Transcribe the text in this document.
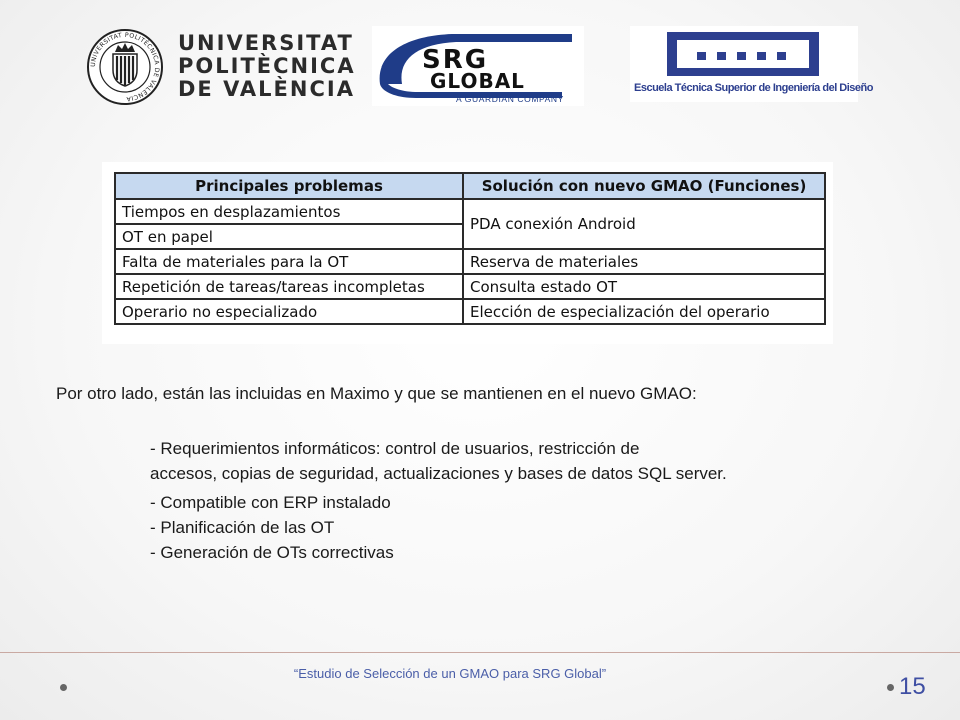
UNIVERSITAT POLITÈCNICA DE VALÈNCIA
UNIVERSITAT
POLITÈCNICA
DE VALÈNCIA
SRG
GLOBAL
A GUARDIAN COMPANY
Escuela Técnica Superior de Ingeniería del Diseño
Principales problemas	Solución con nuevo GMAO (Funciones)
Tiempos en desplazamientos	PDA conexión Android
OT en papel	
Falta de materiales para la OT	Reserva de materiales
Repetición de tareas/tareas incompletas	Consulta estado OT
Operario no especializado	Elección de especialización del operario
Por otro lado, están las incluidas en Maximo y que se mantienen en el nuevo GMAO:
- Requerimientos informáticos: control de usuarios, restricción de
accesos, copias de seguridad, actualizaciones y bases de datos SQL server.
- Compatible con ERP instalado
- Planificación de las OT
- Generación de OTs correctivas
“Estudio de Selección de un GMAO para SRG Global”	15
